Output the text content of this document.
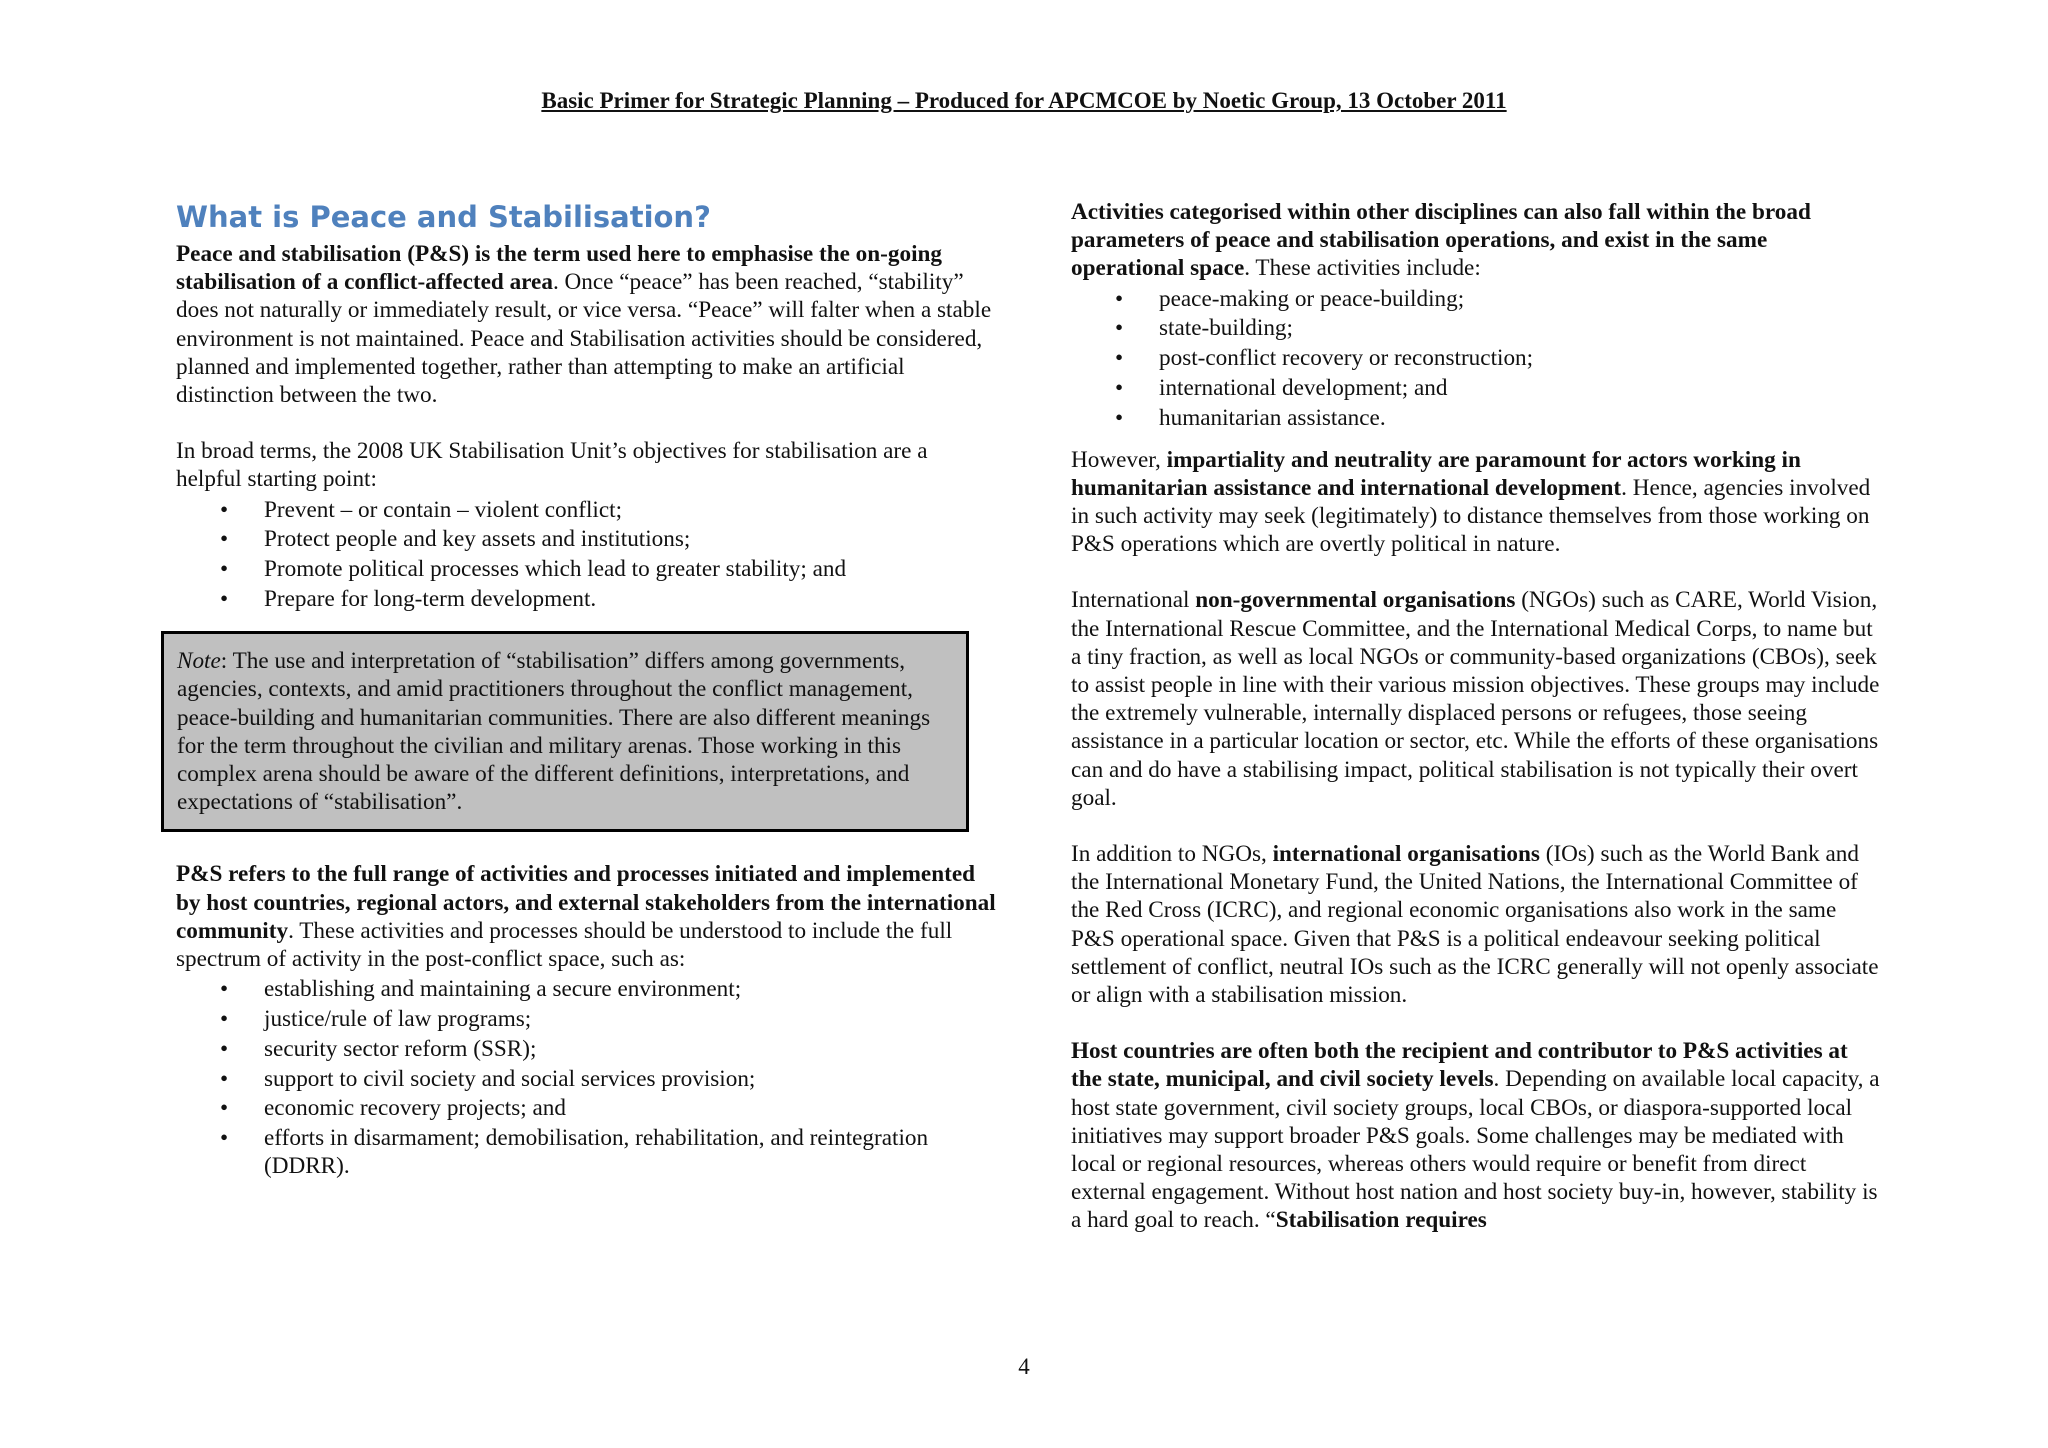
Basic Primer for Strategic Planning – Produced for APCMCOE by Noetic Group, 13 October 2011
What is Peace and Stabilisation?

Peace and stabilisation (P&S) is the term used here to emphasise the on-going stabilisation of a conflict-affected area. Once “peace” has been reached, “stability” does not naturally or immediately result, or vice versa. “Peace” will falter when a stable environment is not maintained. Peace and Stabilisation activities should be considered, planned and implemented together, rather than attempting to make an artificial distinction between the two.

In broad terms, the 2008 UK Stabilisation Unit’s objectives for stabilisation are a helpful starting point:

• Prevent – or contain – violent conflict;
• Protect people and key assets and institutions;
• Promote political processes which lead to greater stability; and
• Prepare for long-term development.
Note: The use and interpretation of “stabilisation” differs among governments, agencies, contexts, and amid practitioners throughout the conflict management, peace-building and humanitarian communities. There are also different meanings for the term throughout the civilian and military arenas. Those working in this complex arena should be aware of the different definitions, interpretations, and expectations of “stabilisation”.

P&S refers to the full range of activities and processes initiated and implemented by host countries, regional actors, and external stakeholders from the international community. These activities and processes should be understood to include the full spectrum of activity in the post-conflict space, such as:

• establishing and maintaining a secure environment;
• justice/rule of law programs;
• security sector reform (SSR);
• support to civil society and social services provision;
• economic recovery projects; and
• efforts in disarmament; demobilisation, rehabilitation, and reintegration (DDRR).

Activities categorised within other disciplines can also fall within the broad parameters of peace and stabilisation operations, and exist in the same operational space. These activities include:

• peace-making or peace-building;
• state-building;
• post-conflict recovery or reconstruction;
• international development; and
• humanitarian assistance.

However, impartiality and neutrality are paramount for actors working in humanitarian assistance and international development. Hence, agencies involved in such activity may seek (legitimately) to distance themselves from those working on P&S operations which are overtly political in nature.

International non-governmental organisations (NGOs) such as CARE, World Vision, the International Rescue Committee, and the International Medical Corps, to name but a tiny fraction, as well as local NGOs or community-based organizations (CBOs), seek to assist people in line with their various mission objectives. These groups may include the extremely vulnerable, internally displaced persons or refugees, those seeing assistance in a particular location or sector, etc. While the efforts of these organisations can and do have a stabilising impact, political stabilisation is not typically their overt goal.

In addition to NGOs, international organisations (IOs) such as the World Bank and the International Monetary Fund, the United Nations, the International Committee of the Red Cross (ICRC), and regional economic organisations also work in the same P&S operational space. Given that P&S is a political endeavour seeking political settlement of conflict, neutral IOs such as the ICRC generally will not openly associate or align with a stabilisation mission.

Host countries are often both the recipient and contributor to P&S activities at the state, municipal, and civil society levels. Depending on available local capacity, a host state government, civil society groups, local CBOs, or diaspora-supported local initiatives may support broader P&S goals. Some challenges may be mediated with local or regional resources, whereas others would require or benefit from direct external engagement. Without host nation and host society buy-in, however, stability is a hard goal to reach. “Stabilisation requires

4
